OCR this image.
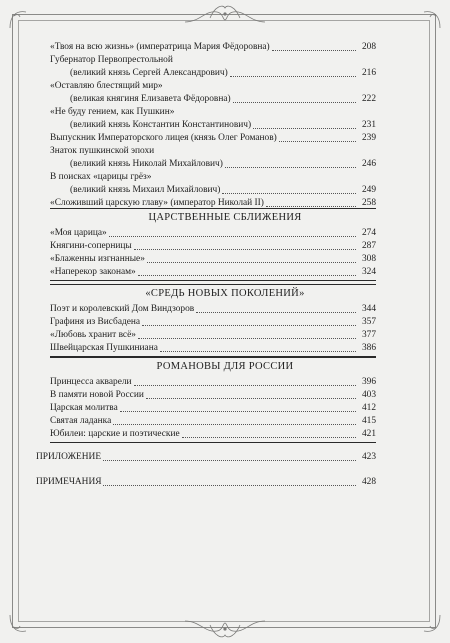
«Твоя на всю жизнь» (императрица Мария Фёдоровна)	208
Губернатор Первопрестольной
(великий князь Сергей Александрович)	216
«Оставляю блестящий мир»
(великая княгиня Елизавета Фёдоровна)	222
«Не буду гением, как Пушкин»
(великий князь Константин Константинович)	231
Выпускник Императорского лицея (князь Олег Романов)	239
Знаток пушкинской эпохи
(великий князь Николай Михайлович)	246
В поисках «царицы грёз»
(великий князь Михаил Михайлович)	249
«Сложивший царскую главу» (император Николай II)	258
ЦАРСТВЕННЫЕ СБЛИЖЕНИЯ
«Моя царица»	274
Княгини-соперницы	287
«Блаженны изгнанные»	308
«Наперекор законам»	324
«СРЕДЬ НОВЫХ ПОКОЛЕНИЙ»
Поэт и королевский Дом Виндзоров	344
Графиня из Висбадена	357
«Любовь хранит всё»	377
Швейцарская Пушкиниана	386
РОМАНОВЫ ДЛЯ РОССИИ
Принцесса акварели	396
В памяти новой России	403
Царская молитва	412
Святая ладанка	415
Юбилеи: царские и поэтические	421
ПРИЛОЖЕНИЕ	423
ПРИМЕЧАНИЯ	428
